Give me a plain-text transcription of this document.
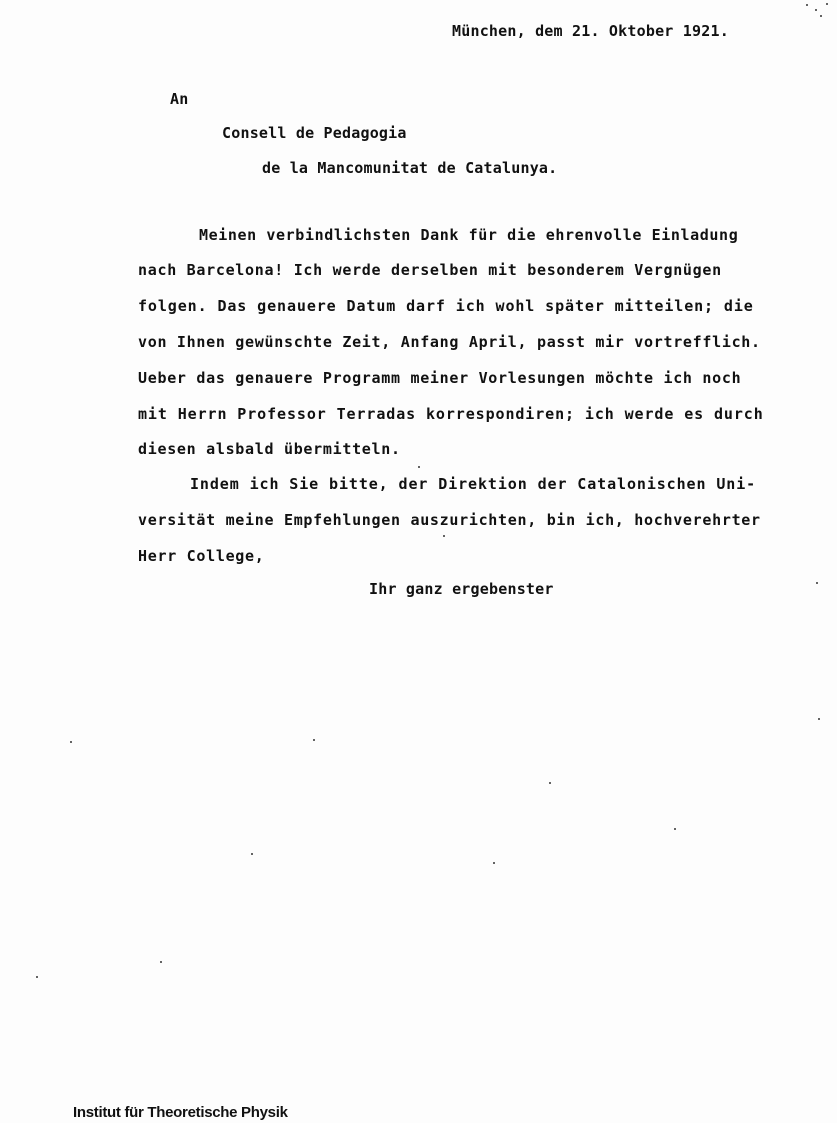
München, dem 21. Oktober 1921.
An
Consell de Pedagogia
de la Mancomunitat de Catalunya.
Meinen verbindlichsten Dank für die ehrenvolle Einladung
nach Barcelona! Ich werde derselben mit besonderem Vergnügen
folgen. Das genauere Datum darf ich wohl später mitteilen; die
von Ihnen gewünschte Zeit, Anfang April, passt mir vortrefflich.
Ueber das genauere Programm meiner Vorlesungen möchte ich noch
mit Herrn Professor Terradas korrespondiren; ich werde es durch
diesen alsbald übermitteln.
Indem ich Sie bitte, der Direktion der Catalonischen Uni-
versität meine Empfehlungen auszurichten, bin ich, hochverehrter
Herr College,
Ihr ganz ergebenster
Institut für Theoretische Physik
